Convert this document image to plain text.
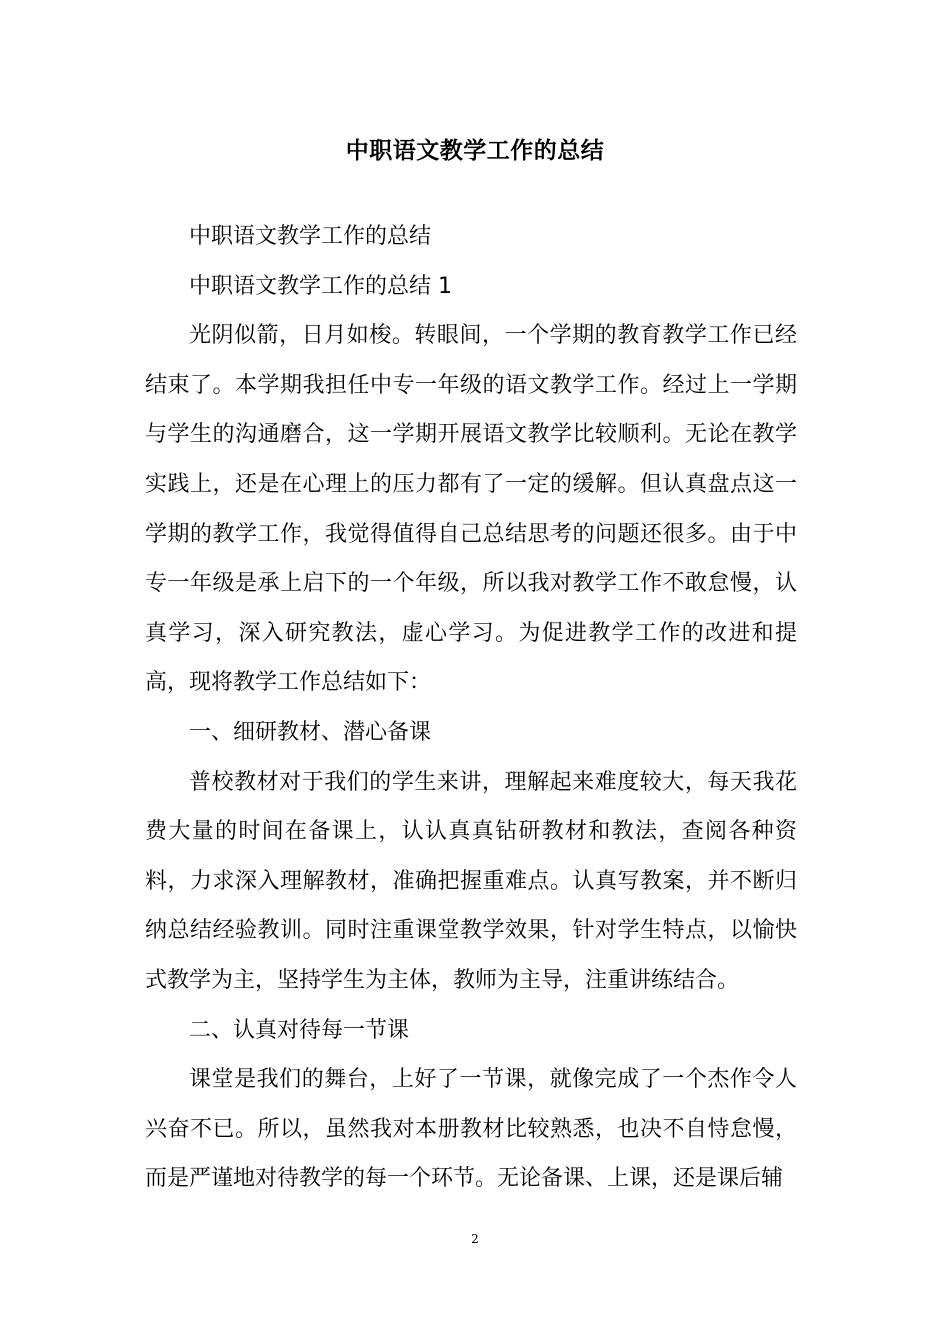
中职语文教学工作的总结

中职语文教学工作的总结

中职语文教学工作的总结 1

光阴似箭，日月如梭。转眼间，一个学期的教育教学工作已经结束了。本学期我担任中专一年级的语文教学工作。经过上一学期与学生的沟通磨合，这一学期开展语文教学比较顺利。无论在教学实践上，还是在心理上的压力都有了一定的缓解。但认真盘点这一学期的教学工作，我觉得值得自己总结思考的问题还很多。由于中专一年级是承上启下的一个年级，所以我对教学工作不敢怠慢，认真学习，深入研究教法，虚心学习。为促进教学工作的改进和提高，现将教学工作总结如下：

一、细研教材、潜心备课

普校教材对于我们的学生来讲，理解起来难度较大，每天我花费大量的时间在备课上，认认真真钻研教材和教法，查阅各种资料，力求深入理解教材，准确把握重难点。认真写教案，并不断归纳总结经验教训。同时注重课堂教学效果，针对学生特点，以愉快式教学为主，坚持学生为主体，教师为主导，注重讲练结合。

二、认真对待每一节课

课堂是我们的舞台，上好了一节课，就像完成了一个杰作令人兴奋不已。所以，虽然我对本册教材比较熟悉，也决不自恃怠慢，而是严谨地对待教学的每一个环节。无论备课、上课，还是课后辅

2
